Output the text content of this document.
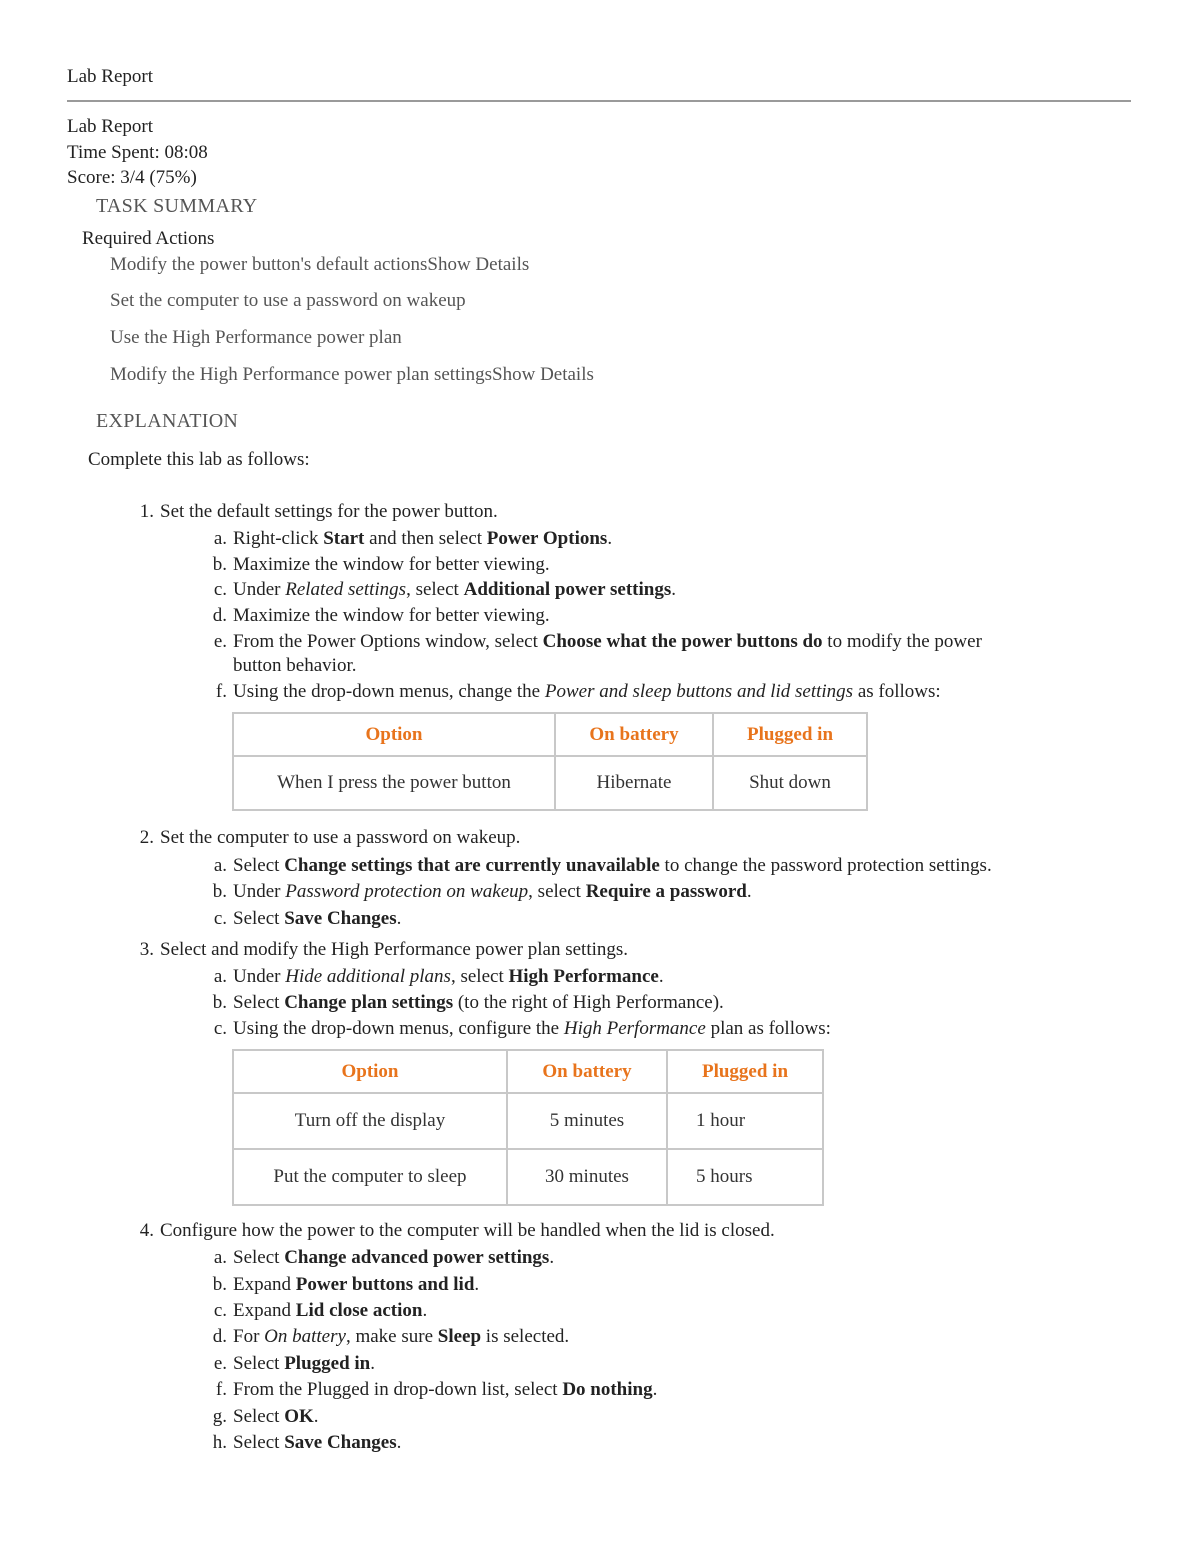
Lab Report
Lab Report
Time Spent: 08:08
Score: 3/4 (75%)
TASK SUMMARY
Required Actions
Modify the power button's default actionsShow Details
Set the computer to use a password on wakeup
Use the High Performance power plan
Modify the High Performance power plan settingsShow Details
EXPLANATION
Complete this lab as follows:
1. Set the default settings for the power button.
a. Right-click Start and then select Power Options.
b. Maximize the window for better viewing.
c. Under Related settings, select Additional power settings.
d. Maximize the window for better viewing.
e. From the Power Options window, select Choose what the power buttons do to modify the power
button behavior.
f. Using the drop-down menus, change the Power and sleep buttons and lid settings as follows:
Option	On battery	Plugged in
When I press the power button	Hibernate	Shut down
2. Set the computer to use a password on wakeup.
a. Select Change settings that are currently unavailable to change the password protection settings.
b. Under Password protection on wakeup, select Require a password.
c. Select Save Changes.
3. Select and modify the High Performance power plan settings.
a. Under Hide additional plans, select High Performance.
b. Select Change plan settings (to the right of High Performance).
c. Using the drop-down menus, configure the High Performance plan as follows:
Option	On battery	Plugged in
Turn off the display	5 minutes	1 hour
Put the computer to sleep	30 minutes	5 hours
4. Configure how the power to the computer will be handled when the lid is closed.
a. Select Change advanced power settings.
b. Expand Power buttons and lid.
c. Expand Lid close action.
d. For On battery, make sure Sleep is selected.
e. Select Plugged in.
f. From the Plugged in drop-down list, select Do nothing.
g. Select OK.
h. Select Save Changes.
